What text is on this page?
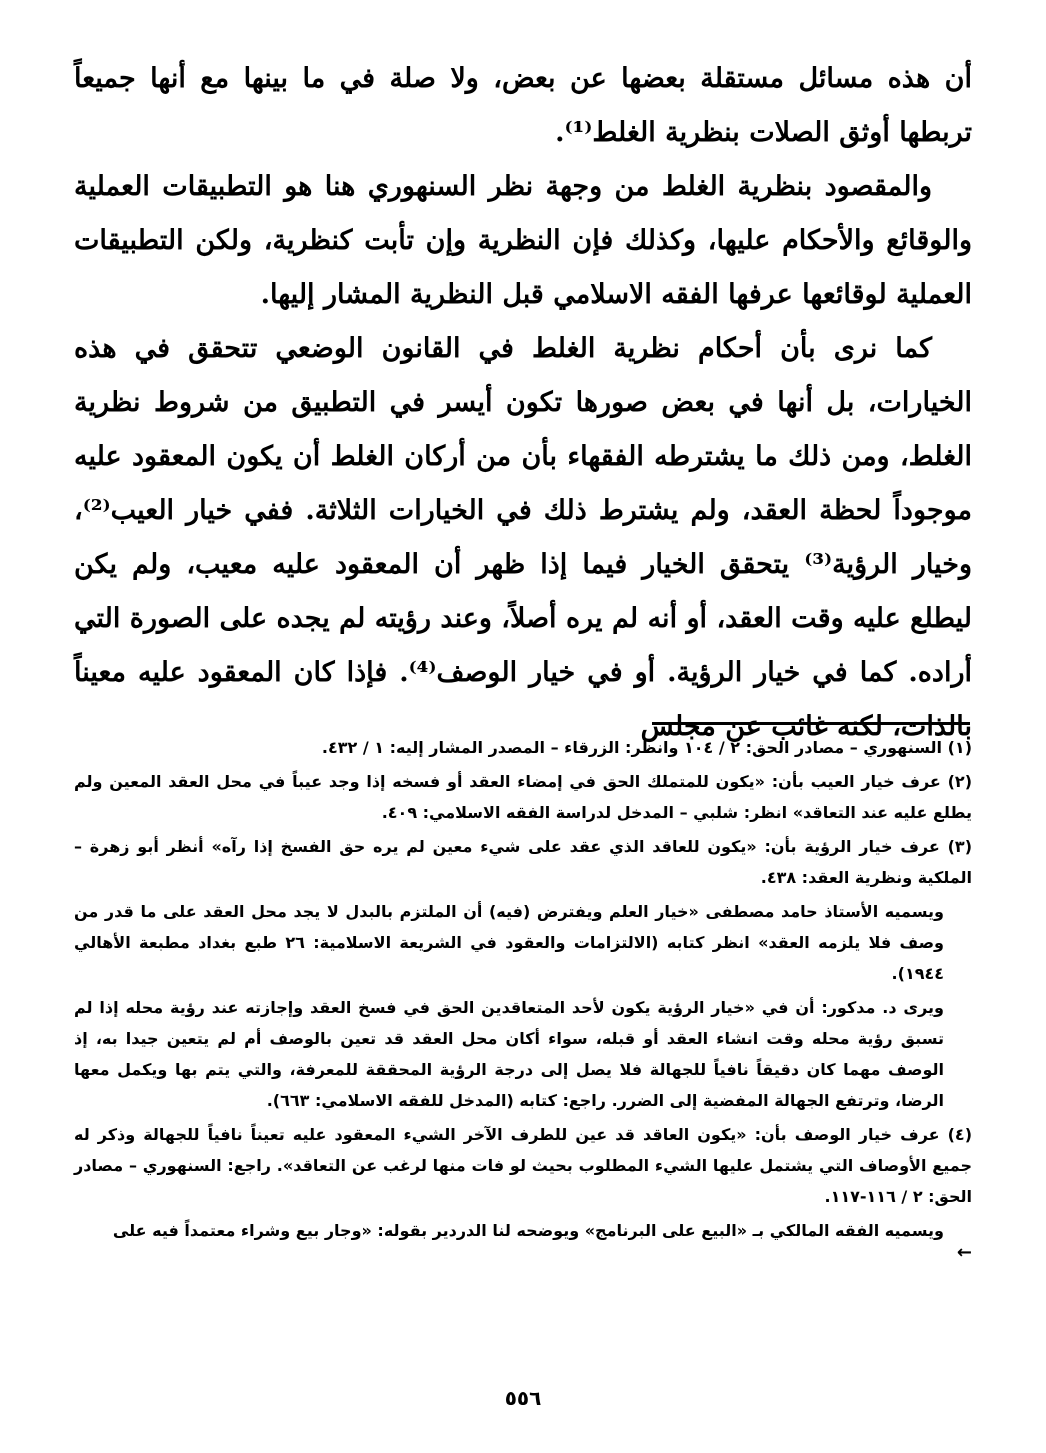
أن هذه مسائل مستقلة بعضها عن بعض، ولا صلة في ما بينها مع أنها جميعاً تربطها أوثق الصلات بنظرية الغلط⁽¹⁾.

والمقصود بنظرية الغلط من وجهة نظر السنهوري هنا هو التطبيقات العملية والوقائع والأحكام عليها، وكذلك فإن النظرية وإن تأبت كنظرية، ولكن التطبيقات العملية لوقائعها عرفها الفقه الاسلامي قبل النظرية المشار إليها.

كما نرى بأن أحكام نظرية الغلط في القانون الوضعي تتحقق في هذه الخيارات، بل أنها في بعض صورها تكون أيسر في التطبيق من شروط نظرية الغلط، ومن ذلك ما يشترطه الفقهاء بأن من أركان الغلط أن يكون المعقود عليه موجوداً لحظة العقد، ولم يشترط ذلك في الخيارات الثلاثة. ففي خيار العيب⁽²⁾، وخيار الرؤية⁽³⁾ يتحقق الخيار فيما إذا ظهر أن المعقود عليه معيب، ولم يكن ليطلع عليه وقت العقد، أو أنه لم يره أصلاً، وعند رؤيته لم يجده على الصورة التي أراده. كما في خيار الرؤية. أو في خيار الوصف⁽⁴⁾. فإذا كان المعقود عليه معيناً بالذات، لكنه غائب عن مجلس

(١) السنهوري – مصادر الحق: ٢ / ١٠٤ وانظر: الزرقاء – المصدر المشار إليه: ١ / ٤٣٢.

(٢) عرف خيار العيب بأن: «يكون للمتملك الحق في إمضاء العقد أو فسخه إذا وجد عيباً في محل العقد المعين ولم يطلع عليه عند التعاقد» انظر: شلبي – المدخل لدراسة الفقه الاسلامي: ٤٠٩.

(٣) عرف خيار الرؤية بأن: «يكون للعاقد الذي عقد على شيء معين لم يره حق الفسخ إذا رآه» أنظر أبو زهرة – الملكية ونظرية العقد: ٤٣٨.

ويسميه الأستاذ حامد مصطفى «خيار العلم ويفترض (فيه) أن الملتزم بالبدل لا يجد محل العقد على ما قدر من وصف فلا يلزمه العقد» انظر كتابه (الالتزامات والعقود في الشريعة الاسلامية: ٢٦ طبع بغداد مطبعة الأهالي ١٩٤٤).

ويرى د. مدكور: أن في «خيار الرؤية يكون لأحد المتعاقدين الحق في فسخ العقد وإجازته عند رؤية محله إذا لم تسبق رؤية محله وقت انشاء العقد أو قبله، سواء أكان محل العقد قد تعين بالوصف أم لم يتعين جيدا به، إذ الوصف مهما كان دقيقاً نافياً للجهالة فلا يصل إلى درجة الرؤية المحققة للمعرفة، والتي يتم بها ويكمل معها الرضا، وترتفع الجهالة المفضية إلى الضرر. راجع: كتابه (المدخل للفقه الاسلامي: ٦٦٣).

(٤) عرف خيار الوصف بأن: «يكون العاقد قد عين للطرف الآخر الشيء المعقود عليه تعيناً نافياً للجهالة وذكر له جميع الأوصاف التي يشتمل عليها الشيء المطلوب بحيث لو فات منها لرغب عن التعاقد». راجع: السنهوري – مصادر الحق: ٢ / ١١٦-١١٧.

ويسميه الفقه المالكي بـ «البيع على البرنامج» ويوضحه لنا الدردير بقوله: «وجار بيع وشراء معتمداً فيه على

←
٥٥٦
